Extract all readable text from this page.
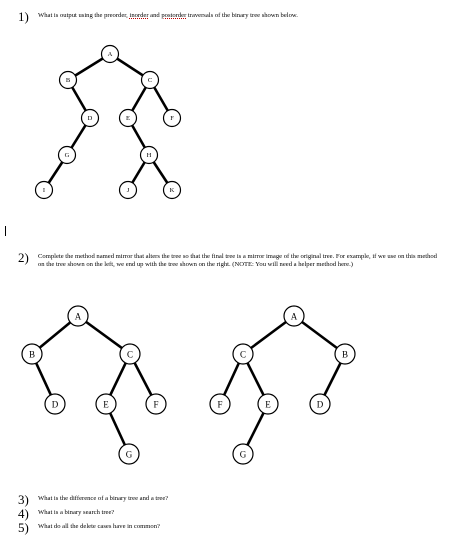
1)	What is output using the preorder, inorder and postorder traversals of the binary tree shown below.
2)	Complete the method named mirror that alters the tree so that the final tree is a mirror image of the original tree. For example, if we use on this method on the tree shown on the left, we end up with the tree shown on the right. (NOTE: You will need a helper method here.)
3)	What is the difference of a binary tree and a tree?
4)	What is a binary search tree?
5)	What do all the delete cases have in common?
A
B	C
D	E	F
G	H
I	J	K
A
B	C
D	E	F
G
A
C	B
F	E	D
G
